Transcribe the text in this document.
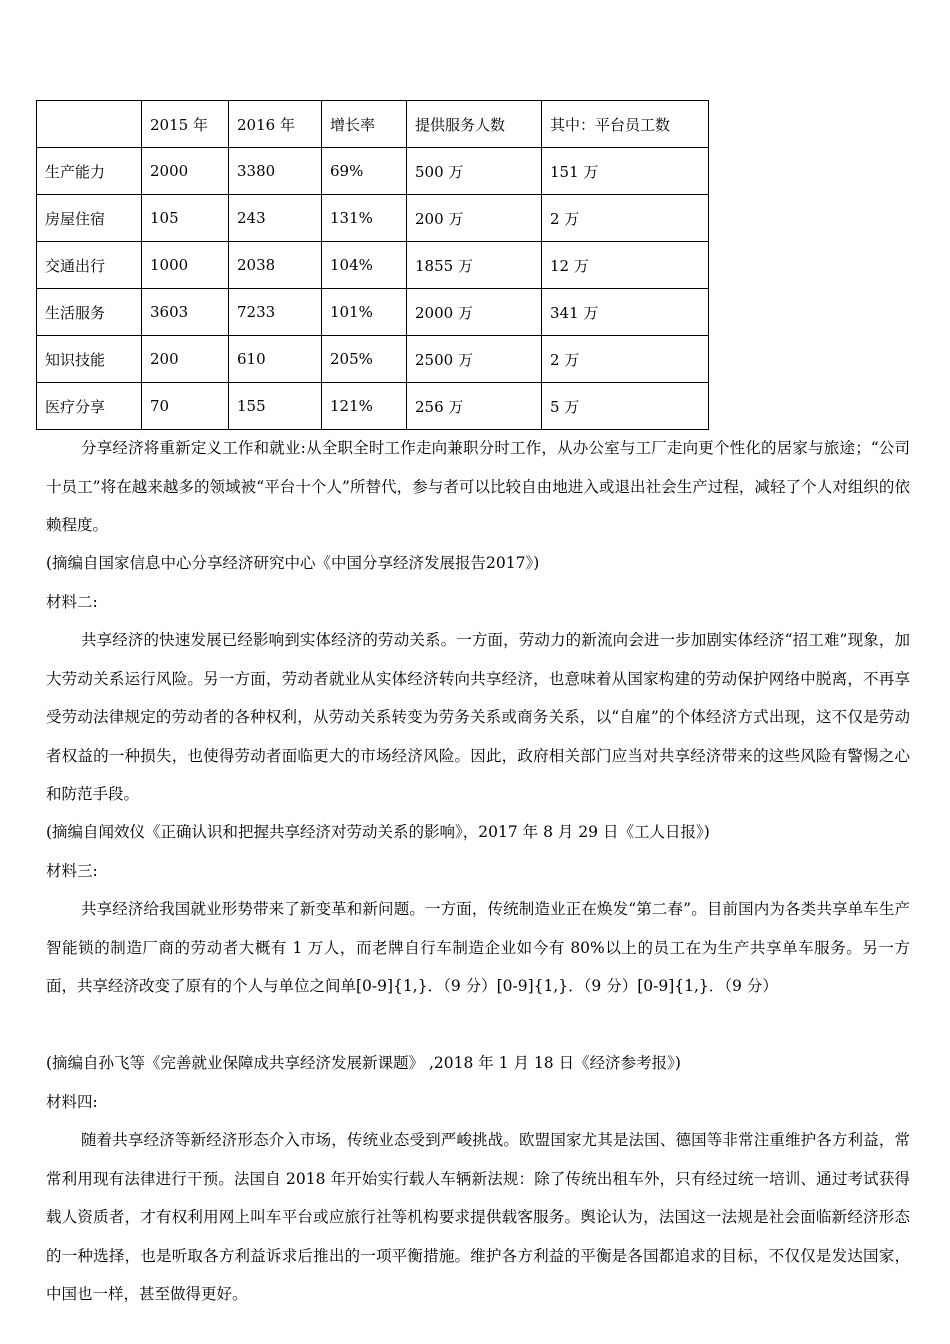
	2015 年	2016 年	增长率	提供服务人数	其中：平台员工数
生产能力	2000	3380	69%	500 万	151 万
房屋住宿	105	243	131%	200 万	2 万
交通出行	1000	2038	104%	1855 万	12 万
生活服务	3603	7233	101%	2000 万	341 万
知识技能	200	610	205%	2500 万	2 万
医疗分享	70	155	121%	256 万	5 万
分享经济将重新定义工作和就业:从全职全时工作走向兼职分时工作，从办公室与工厂走向更个性化的居家与旅途；“公司十员工”将在越来越多的领域被“平台十个人”所替代，参与者可以比较自由地进入或退出社会生产过程，减轻了个人对组织的依赖程度。
(摘编自国家信息中心分享经济研究中心《中国分享经济发展报告2017》)
材料二:
共享经济的快速发展已经影响到实体经济的劳动关系。一方面，劳动力的新流向会进一步加剧实体经济“招工难”现象，加大劳动关系运行风险。另一方面，劳动者就业从实体经济转向共享经济，也意味着从国家构建的劳动保护网络中脱离，不再享受劳动法律规定的劳动者的各种权利，从劳动关系转变为劳务关系或商务关系，以“自雇”的个体经济方式出现，这不仅是劳动者权益的一种损失，也使得劳动者面临更大的市场经济风险。因此，政府相关部门应当对共享经济带来的这些风险有警惕之心和防范手段。
(摘编自闻效仪《正确认识和把握共享经济对劳动关系的影响》，2017 年 8 月 29 日《工人日报》)
材料三:
共享经济给我国就业形势带来了新变革和新问题。一方面，传统制造业正在焕发“第二春”。目前国内为各类共享单车生产智能锁的制造厂商的劳动者大概有 1 万人，而老牌自行车制造企业如今有 80%以上的员工在为生产共享单车服务。另一方面，共享经济改变了原有的个人与单位之间单[0-9]{1,}．（9 分）[0-9]{1,}．（9 分）[0-9]{1,}．（9 分）
(摘编自孙飞等《完善就业保障成共享经济发展新课题》 ,2018 年 1 月 18 日《经济参考报》)
材料四:
随着共享经济等新经济形态介入市场，传统业态受到严峻挑战。欧盟国家尤其是法国、德国等非常注重维护各方利益，常常利用现有法律进行干预。法国自 2018 年开始实行载人车辆新法规：除了传统出租车外，只有经过统一培训、通过考试获得载人资质者，才有权利用网上叫车平台或应旅行社等机构要求提供载客服务。舆论认为，法国这一法规是社会面临新经济形态的一种选择，也是听取各方利益诉求后推出的一项平衡措施。维护各方利益的平衡是各国都追求的目标，不仅仅是发达国家，中国也一样，甚至做得更好。
